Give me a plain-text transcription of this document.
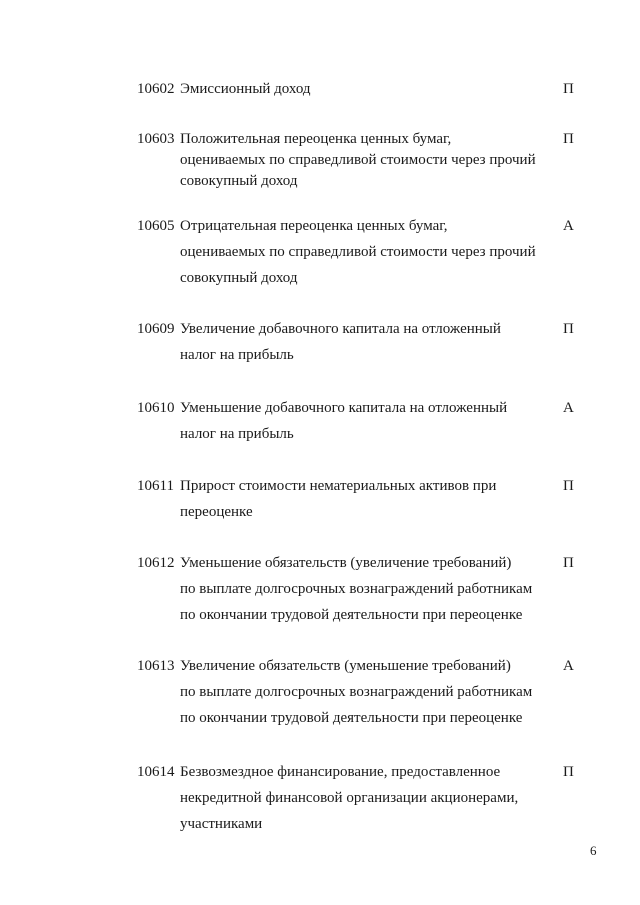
10602 Эмиссионный доход	П
10603 Положительная переоценка ценных бумаг,
оцениваемых по справедливой стоимости через прочий
совокупный доход
П
10605 Отрицательная переоценка ценных бумаг,
оцениваемых по справедливой стоимости через прочий
совокупный доход
А
10609 Увеличение добавочного капитала на отложенный
налог на прибыль
П
10610 Уменьшение добавочного капитала на отложенный
налог на прибыль
А
10611 Прирост стоимости нематериальных активов при
переоценке
П
10612 Уменьшение обязательств (увеличение требований)
по выплате долгосрочных вознаграждений работникам
по окончании трудовой деятельности при переоценке
П
10613 Увеличение обязательств (уменьшение требований)
по выплате долгосрочных вознаграждений работникам
по окончании трудовой деятельности при переоценке
А
10614 Безвозмездное финансирование, предоставленное
некредитной финансовой организации акционерами,
участниками
П
6
